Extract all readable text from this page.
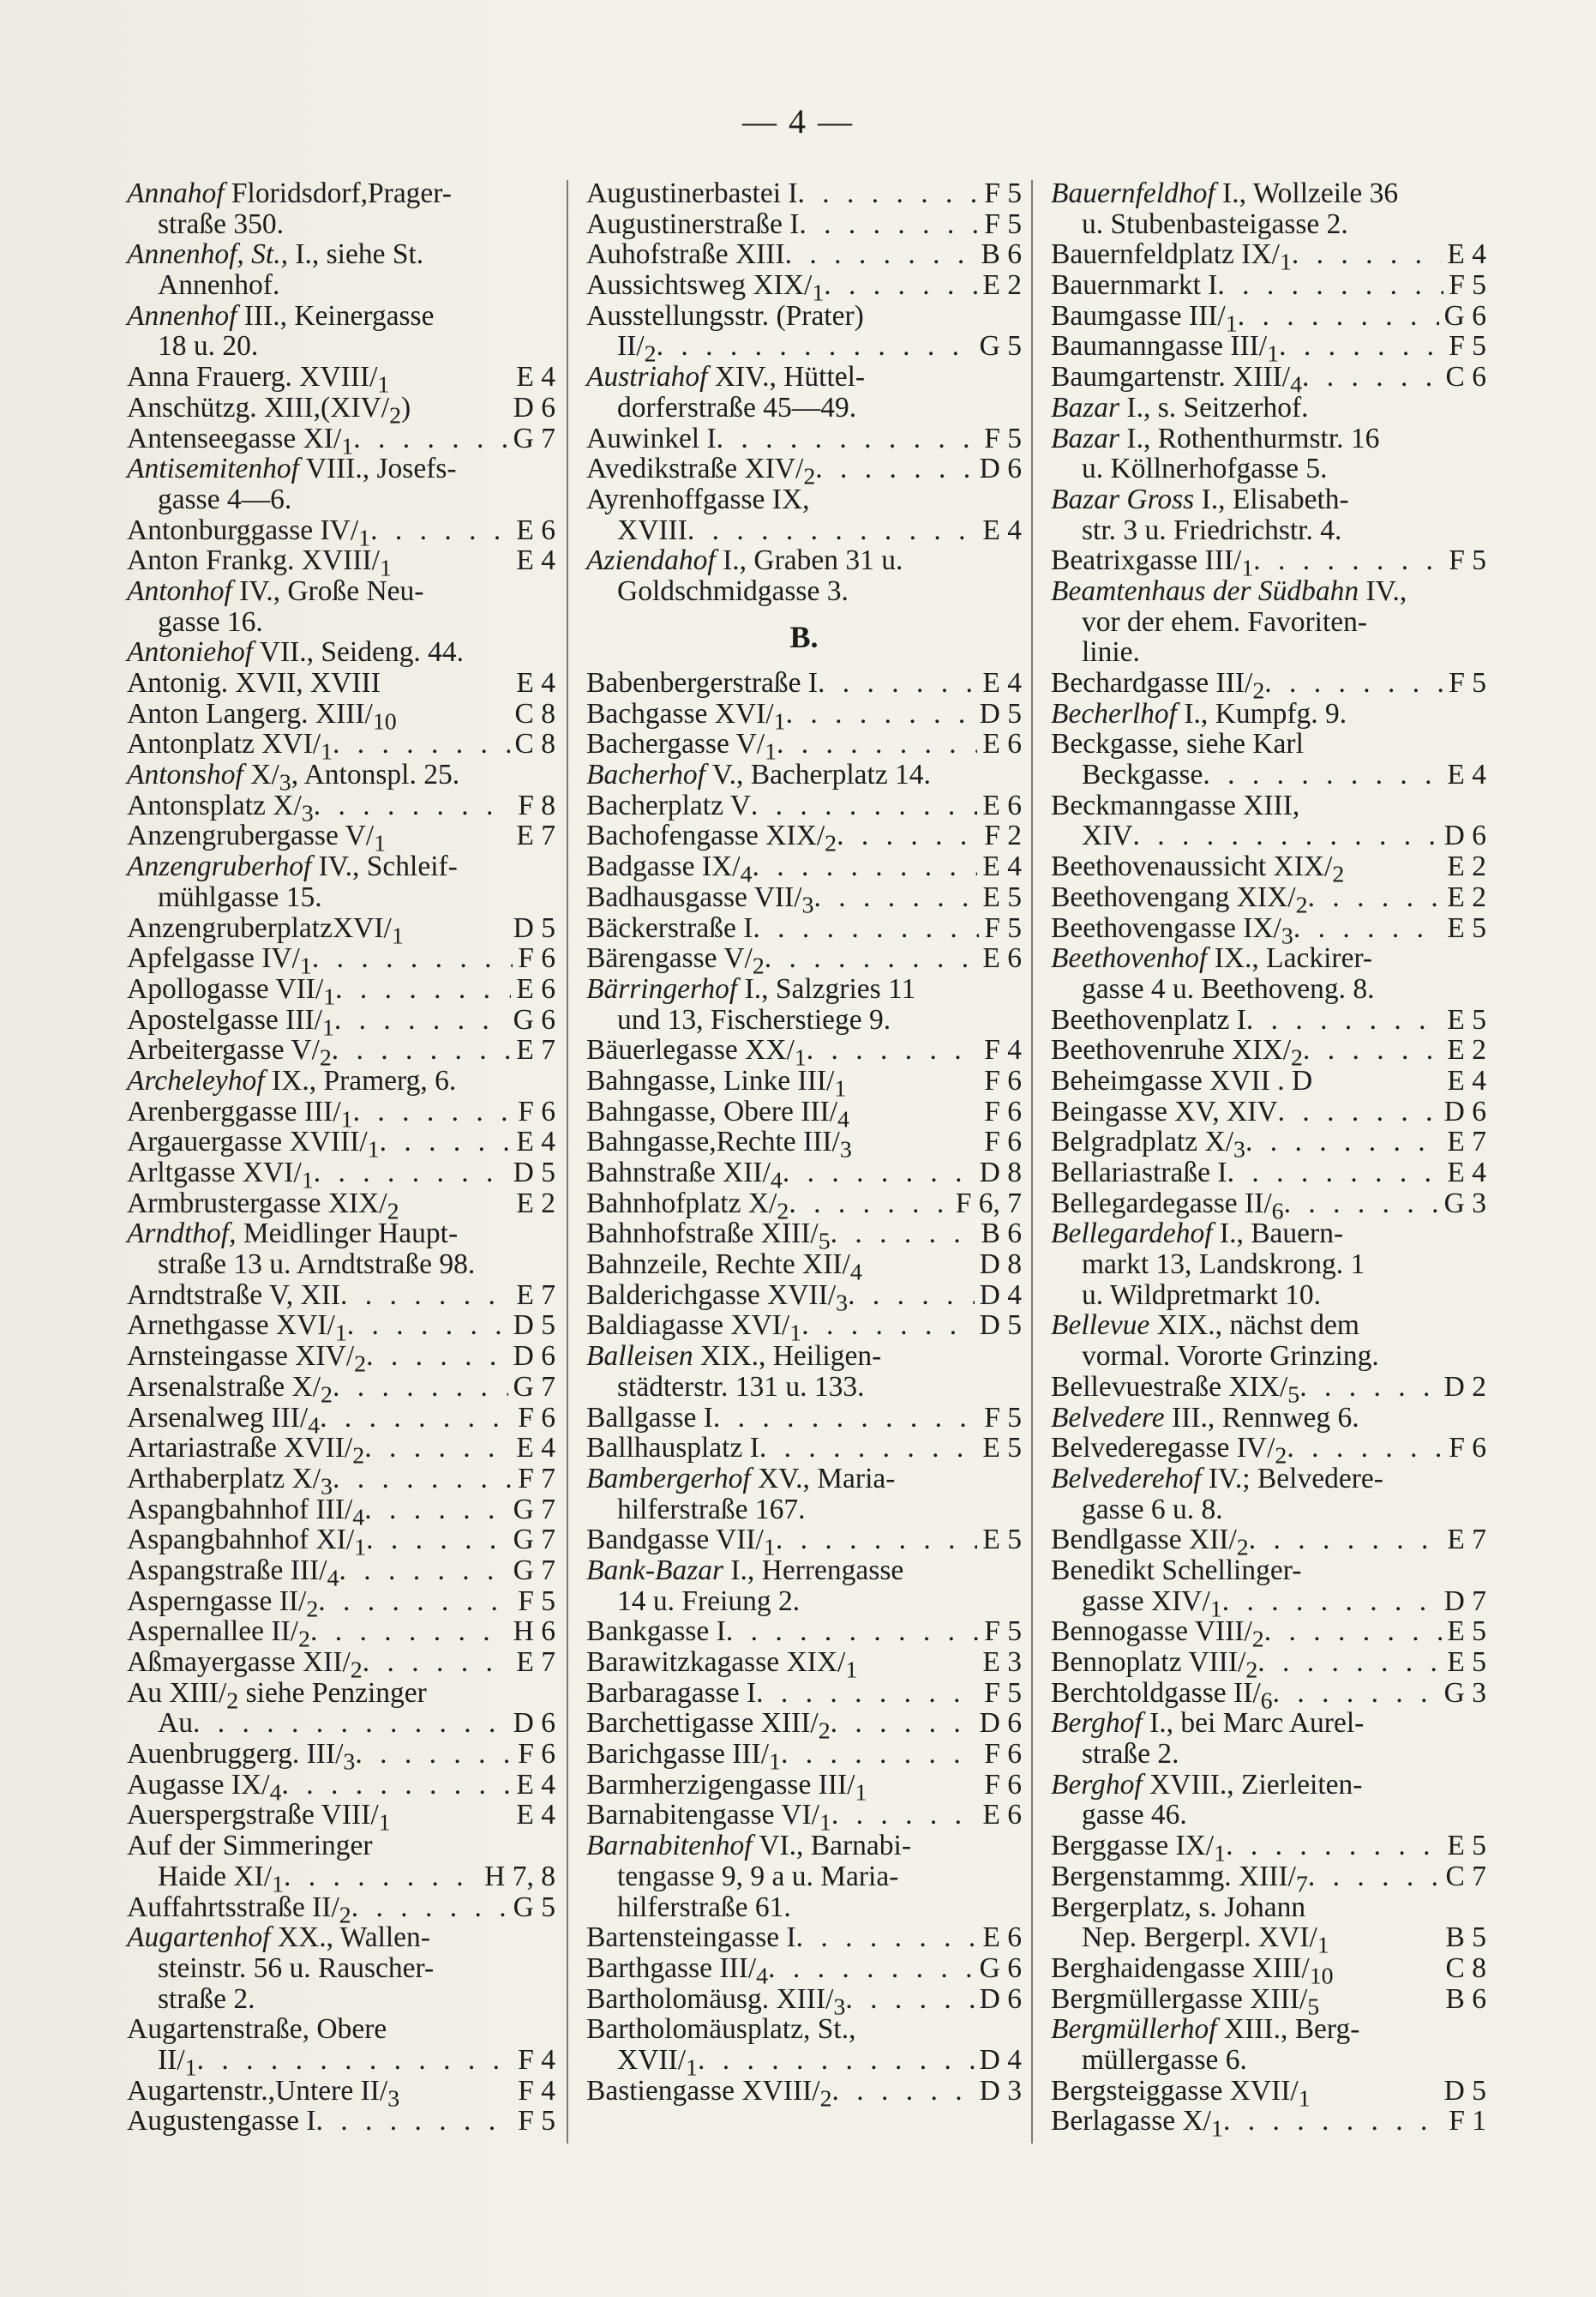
— 4 —
Annahof Floridsdorf,Prager-
straße 350.
Annenhof, St., I., siehe St.
Annenhof.
Annenhof III., Keinergasse
18 u. 20.
Anna Frauerg. XVIII/$_1$	E 4
Anschützg. $XIII,(XIV/_2)$	D 6
Antenseegasse $XI/_1$ . . .	G 7
Antisemitenhof VIII., Josefs-
gasse 4—6.
Antonburggasse $IV/_1$ . . .	E 6
Anton Frankg. XVIII/$_1$	E 4
Antonhof IV., Große Neu-
gasse 16.
Antoniehof VII., Seideng. 44.
Antonig. XVII, XVIII	E 4
Anton Langerg. XIII/$_{10}$	C 8
Antonplatz XVI/$_1$ . . .	C 8
Antonshof $X/_3$, Antonspl. 25.
Antonsplatz $X/_3$ . . .	F 8
Anzengrubergasse $V/_1$	E 7
Anzengruberhof IV., Schleif-
mühlgasse 15.
AnzengruberplatzXVI/$_1$	D 5
Apfelgasse $IV/_1$ . . .	F 6
Apollogasse VII/$_1$ . . .	E 6
Apostelgasse III/$_1$ . . .	G 6
Arbeitergasse $V/_2$ . . .	E 7
Archeleyhof IX., Pramerg, 6.
Arenberggasse III/$_1$ . . .	F 6
Argauergasse XVIII/$_1$ . . .	E 4
Arltgasse XVI/$_1$ . . .	D 5
Armbrustergasse XIX/$_2$	E 2
Arndthof, Meidlinger Haupt-
straße 13 u. Arndtstraße 98.
Arndtstraße V, XII . . .	E 7
Arnethgasse XVI/$_1$ . . .	D 5
Arnsteingasse XIV/$_2$ . . .	D 6
Arsenalstraße $X/_2$ . . .	G 7
Arsenalweg III/$_4$ . . .	F 6
Artariastraße XVII/$_2$ . . .	E 4
Arthaberplatz $X/_3$ . . .	F 7
Aspangbahnhof III/$_4$ . . .	G 7
Aspangbahnhof $XI/_1$ . . .	G 7
Aspangstraße III/$_4$ . . .	G 7
Asperngasse $II/_2$ . . .	F 5
Aspernallee $II/_2$ . . .	H 6
Aßmayergasse XII/$_2$ . . .	E 7
Au XIII/$_2$ siehe Penzinger
Au . . .	D 6
Auenbruggerg. III/$_3$ . . .	F 6
Augasse $IX/_4$ . . .	E 4
Auerspergstraße VIII/$_1$	E 4
Auf der Simmeringer
Haide $XI/_1$ . . .	H 7, 8
Auffahrtsstraße $II/_2$ . . .	G 5
Augartenhof XX., Wallen-
steinstr. 56 u. Rauscher-
straße 2.
Augartenstraße, Obere
$II/_1$ . . .	F 4
Augartenstr.,Untere $II/_3$	F 4
Augustengasse I . . .	F 5
Augustinerbastei I . . .	F 5
Augustinerstraße I . . .	F 5
Auhofstraße XIII . . .	B 6
Aussichtsweg XIX/$_1$ . . .	E 2
Ausstellungsstr. (Prater)
$II/_2$ . . .	G 5
Austriahof XIV., Hüttel-
dorferstraße 45—49.
Auwinkel I . . .	F 5
Avedikstraße XIV/$_2$ . . .	D 6
Ayrenhoffgasse IX,
XVIII . . .	E 4
Aziendahof I., Graben 31 u.
Goldschmidgasse 3.
B.
Babenbergerstraße I . . .	E 4
Bachgasse XVI/$_1$ . . .	D 5
Bachergasse $V/_1$ . . .	E 6
Bacherhof V., Bacherplatz 14.
Bacherplatz V . . .	E 6
Bachofengasse XIX/$_2$ . . .	F 2
Badgasse $IX/_4$ . . .	E 4
Badhausgasse VII/$_3$ . . .	E 5
Bäckerstraße I . . .	F 5
Bärengasse $V/_2$ . . .	E 6
Bärringerhof I., Salzgries 11
und 13, Fischerstiege 9.
Bäuerlegasse $XX/_1$ . . .	F 4
Bahngasse, Linke III/$_1$	F 6
Bahngasse, Obere III/$_4$	F 6
Bahngasse,Rechte III/$_3$	F 6
Bahnstraße XII/$_4$ . . .	D 8
Bahnhofplatz $X/_2$ . . .	F 6, 7
Bahnhofstraße XIII/$_5$ . . .	B 6
Bahnzeile, Rechte XII/$_4$	D 8
Balderichgasse XVII/$_3$ . . .	D 4
Baldiagasse XVI/$_1$ . . .	D 5
Balleisen XIX., Heiligen-
städterstr. 131 u. 133.
Ballgasse I . . .	F 5
Ballhausplatz I . . .	E 5
Bambergerhof XV., Maria-
hilferstraße 167.
Bandgasse VII/$_1$ . . .	E 5
Bank-Bazar I., Herrengasse
14 u. Freiung 2.
Bankgasse I . . .	F 5
Barawitzkagasse XIX/$_1$	E 3
Barbaragasse I . . .	F 5
Barchettigasse XIII/$_2$ . . .	D 6
Barichgasse III/$_1$ . . .	F 6
Barmherzigengasse III/$_1$	F 6
Barnabitengasse $VI/_1$ . . .	E 6
Barnabitenhof VI., Barnabi-
tengasse 9, 9 a u. Maria-
hilferstraße 61.
Bartensteingasse I . . .	E 6
Barthgasse III/$_4$ . . .	G 6
Bartholomäusg. XIII/$_3$ . . .	D 6
Bartholomäusplatz, St.,
XVII/$_1$ . . .	D 4
Bastiengasse XVIII/$_2$ . . .	D 3
Bauernfeldhof I., Wollzeile 36
u. Stubenbasteigasse 2.
Bauernfeldplatz $IX/_1$ . . .	E 4
Bauernmarkt I . . .	F 5
Baumgasse III/$_1$ . . .	G 6
Baumanngasse III/$_1$ . . .	F 5
Baumgartenstr. XIII/$_4$ . . .	C 6
Bazar I., s. Seitzerhof.
Bazar I., Rothenthurmstr. 16
u. Köllnerhofgasse 5.
Bazar Gross I., Elisabeth-
str. 3 u. Friedrichstr. 4.
Beatrixgasse III/$_1$ . . .	F 5
Beamtenhaus der Südbahn IV.,
vor der ehem. Favoriten-
linie.
Bechardgasse III/$_2$ . . .	F 5
Becherlhof I., Kumpfg. 9.
Beckgasse, siehe Karl
Beckgasse . . .	E 4
Beckmanngasse XIII,
XIV . . .	D 6
Beethovenaussicht XIX/$_2$	E 2
Beethovengang XIX/$_2$ . . .	E 2
Beethovengasse $IX/_3$ . . .	E 5
Beethovenhof IX., Lackirer-
gasse 4 u. Beethoveng. 8.
Beethovenplatz I . . .	E 5
Beethovenruhe XIX/$_2$ . . .	E 2
Beheimgasse XVII . D	E 4
Beingasse XV, XIV . . .	D 6
Belgradplatz $X/_3$ . . .	E 7
Bellariastraße I . . .	E 4
Bellegardegasse $II/_6$ . . .	G 3
Bellegardehof I., Bauern-
markt 13, Landskrong. 1
u. Wildpretmarkt 10.
Bellevue XIX., nächst dem
vormal. Vororte Grinzing.
Bellevuestraße XIX/$_5$ . . .	D 2
Belvedere III., Rennweg 6.
Belvederegasse $IV/_2$ . . .	F 6
Belvederehof IV.; Belvedere-
gasse 6 u. 8.
Bendlgasse XII/$_2$ . . .	E 7
Benedikt Schellinger-
gasse XIV/$_1$ . . .	D 7
Bennogasse VIII/$_2$ . . .	E 5
Bennoplatz VIII/$_2$ . . .	E 5
Berchtoldgasse $II/_6$ . . .	G 3
Berghof I., bei Marc Aurel-
straße 2.
Berghof XVIII., Zierleiten-
gasse 46.
Berggasse $IX/_1$ . . .	E 5
Bergenstammg. XIII/$_7$ . . .	C 7
Bergerplatz, s. Johann
Nep. Bergerpl. XVI/$_1$	B 5
Berghaidengasse XIII/$_{10}$	C 8
Bergmüllergasse XIII/$_5$	B 6
Bergmüllerhof XIII., Berg-
müllergasse 6.
Bergsteiggasse XVII/$_1$	D 5
Berlagasse $X/_1$ . . .	F 1
